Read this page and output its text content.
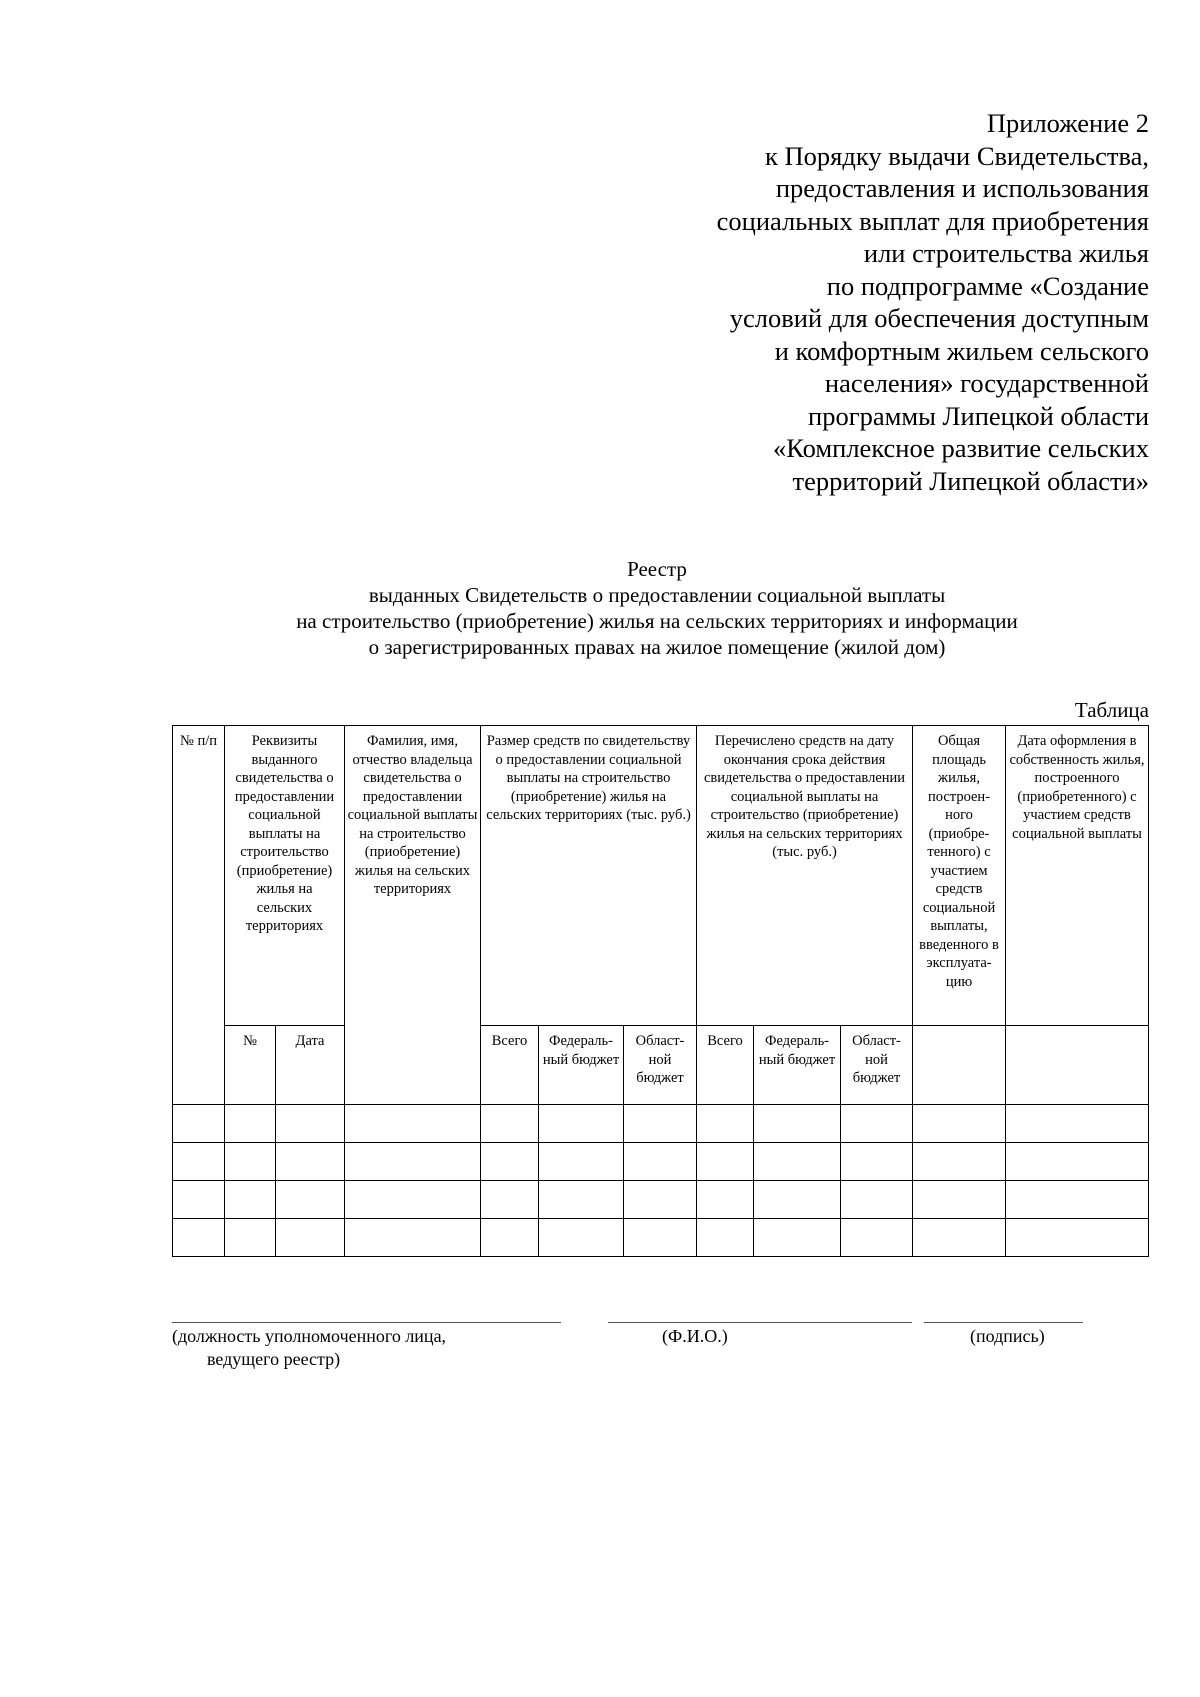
Приложение 2
к Порядку выдачи Свидетельства,
предоставления и использования
социальных выплат для приобретения
или строительства жилья
по подпрограмме «Создание
условий для обеспечения доступным
и комфортным жильем сельского
населения» государственной
программы Липецкой области
«Комплексное развитие сельских
территорий Липецкой области»
Реестр
выданных Свидетельств о предоставлении социальной выплаты
на строительство (приобретение) жилья на сельских территориях и информации
о зарегистрированных правах на жилое помещение (жилой дом)
Таблица
№ п/п	Реквизиты выданного свидетельства о предоставлении социальной выплаты на строительство (приобретение) жилья на сельских территориях		Фамилия, имя, отчество владельца свидетельства о предоставлении социальной выплаты на строительство (приобретение) жилья на сельских территориях	Размер средств по свидетельству о предоставлении социальной выплаты на строительство (приобретение) жилья на сельских территориях (тыс. руб.)			Перечислено средств на дату окончания срока действия свидетельства о предоставлении социальной выплаты на строительство (приобретение) жилья на сельских территориях (тыс. руб.)			Общая площадь жилья, построен-ного (приобре-тенного) с участием средств социальной выплаты, введенного в эксплуата-цию	Дата оформления в собственность жилья, построенного (приобретенного) с участием средств социальной выплаты
	№	Дата		Всего	Федераль-ный бюджет	Област-ной бюджет	Всего	Федераль-ный бюджет	Област-ной бюджет		

(должность уполномоченного лица,
ведущего реестр)
(Ф.И.О.)	(подпись)
